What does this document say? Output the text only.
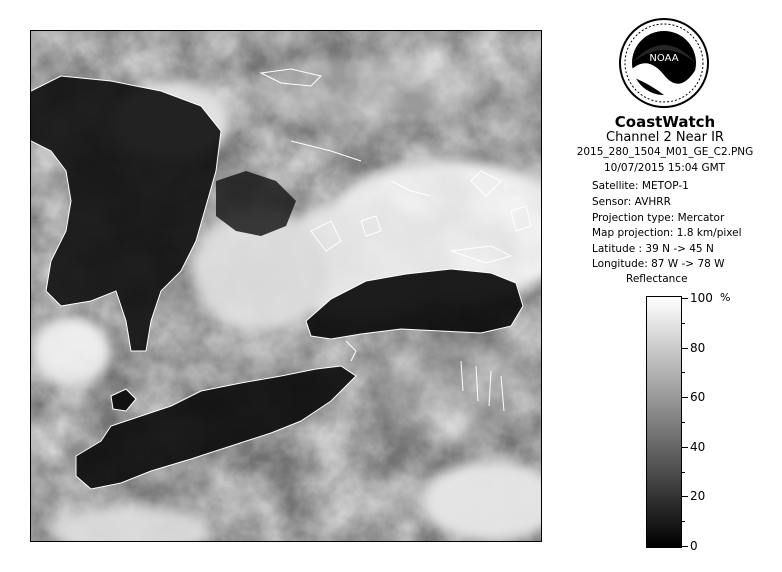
NOAA
CoastWatch
Channel 2 Near IR
2015_280_1504_M01_GE_C2.PNG
10/07/2015 15:04 GMT
Satellite: METOP-1
Sensor: AVHRR
Projection type: Mercator
Map projection: 1.8 km/pixel
Latitude : 39 N -> 45 N
Longitude: 87 W -> 78 W
Reflectance
%
100
80
60
40
20
0
